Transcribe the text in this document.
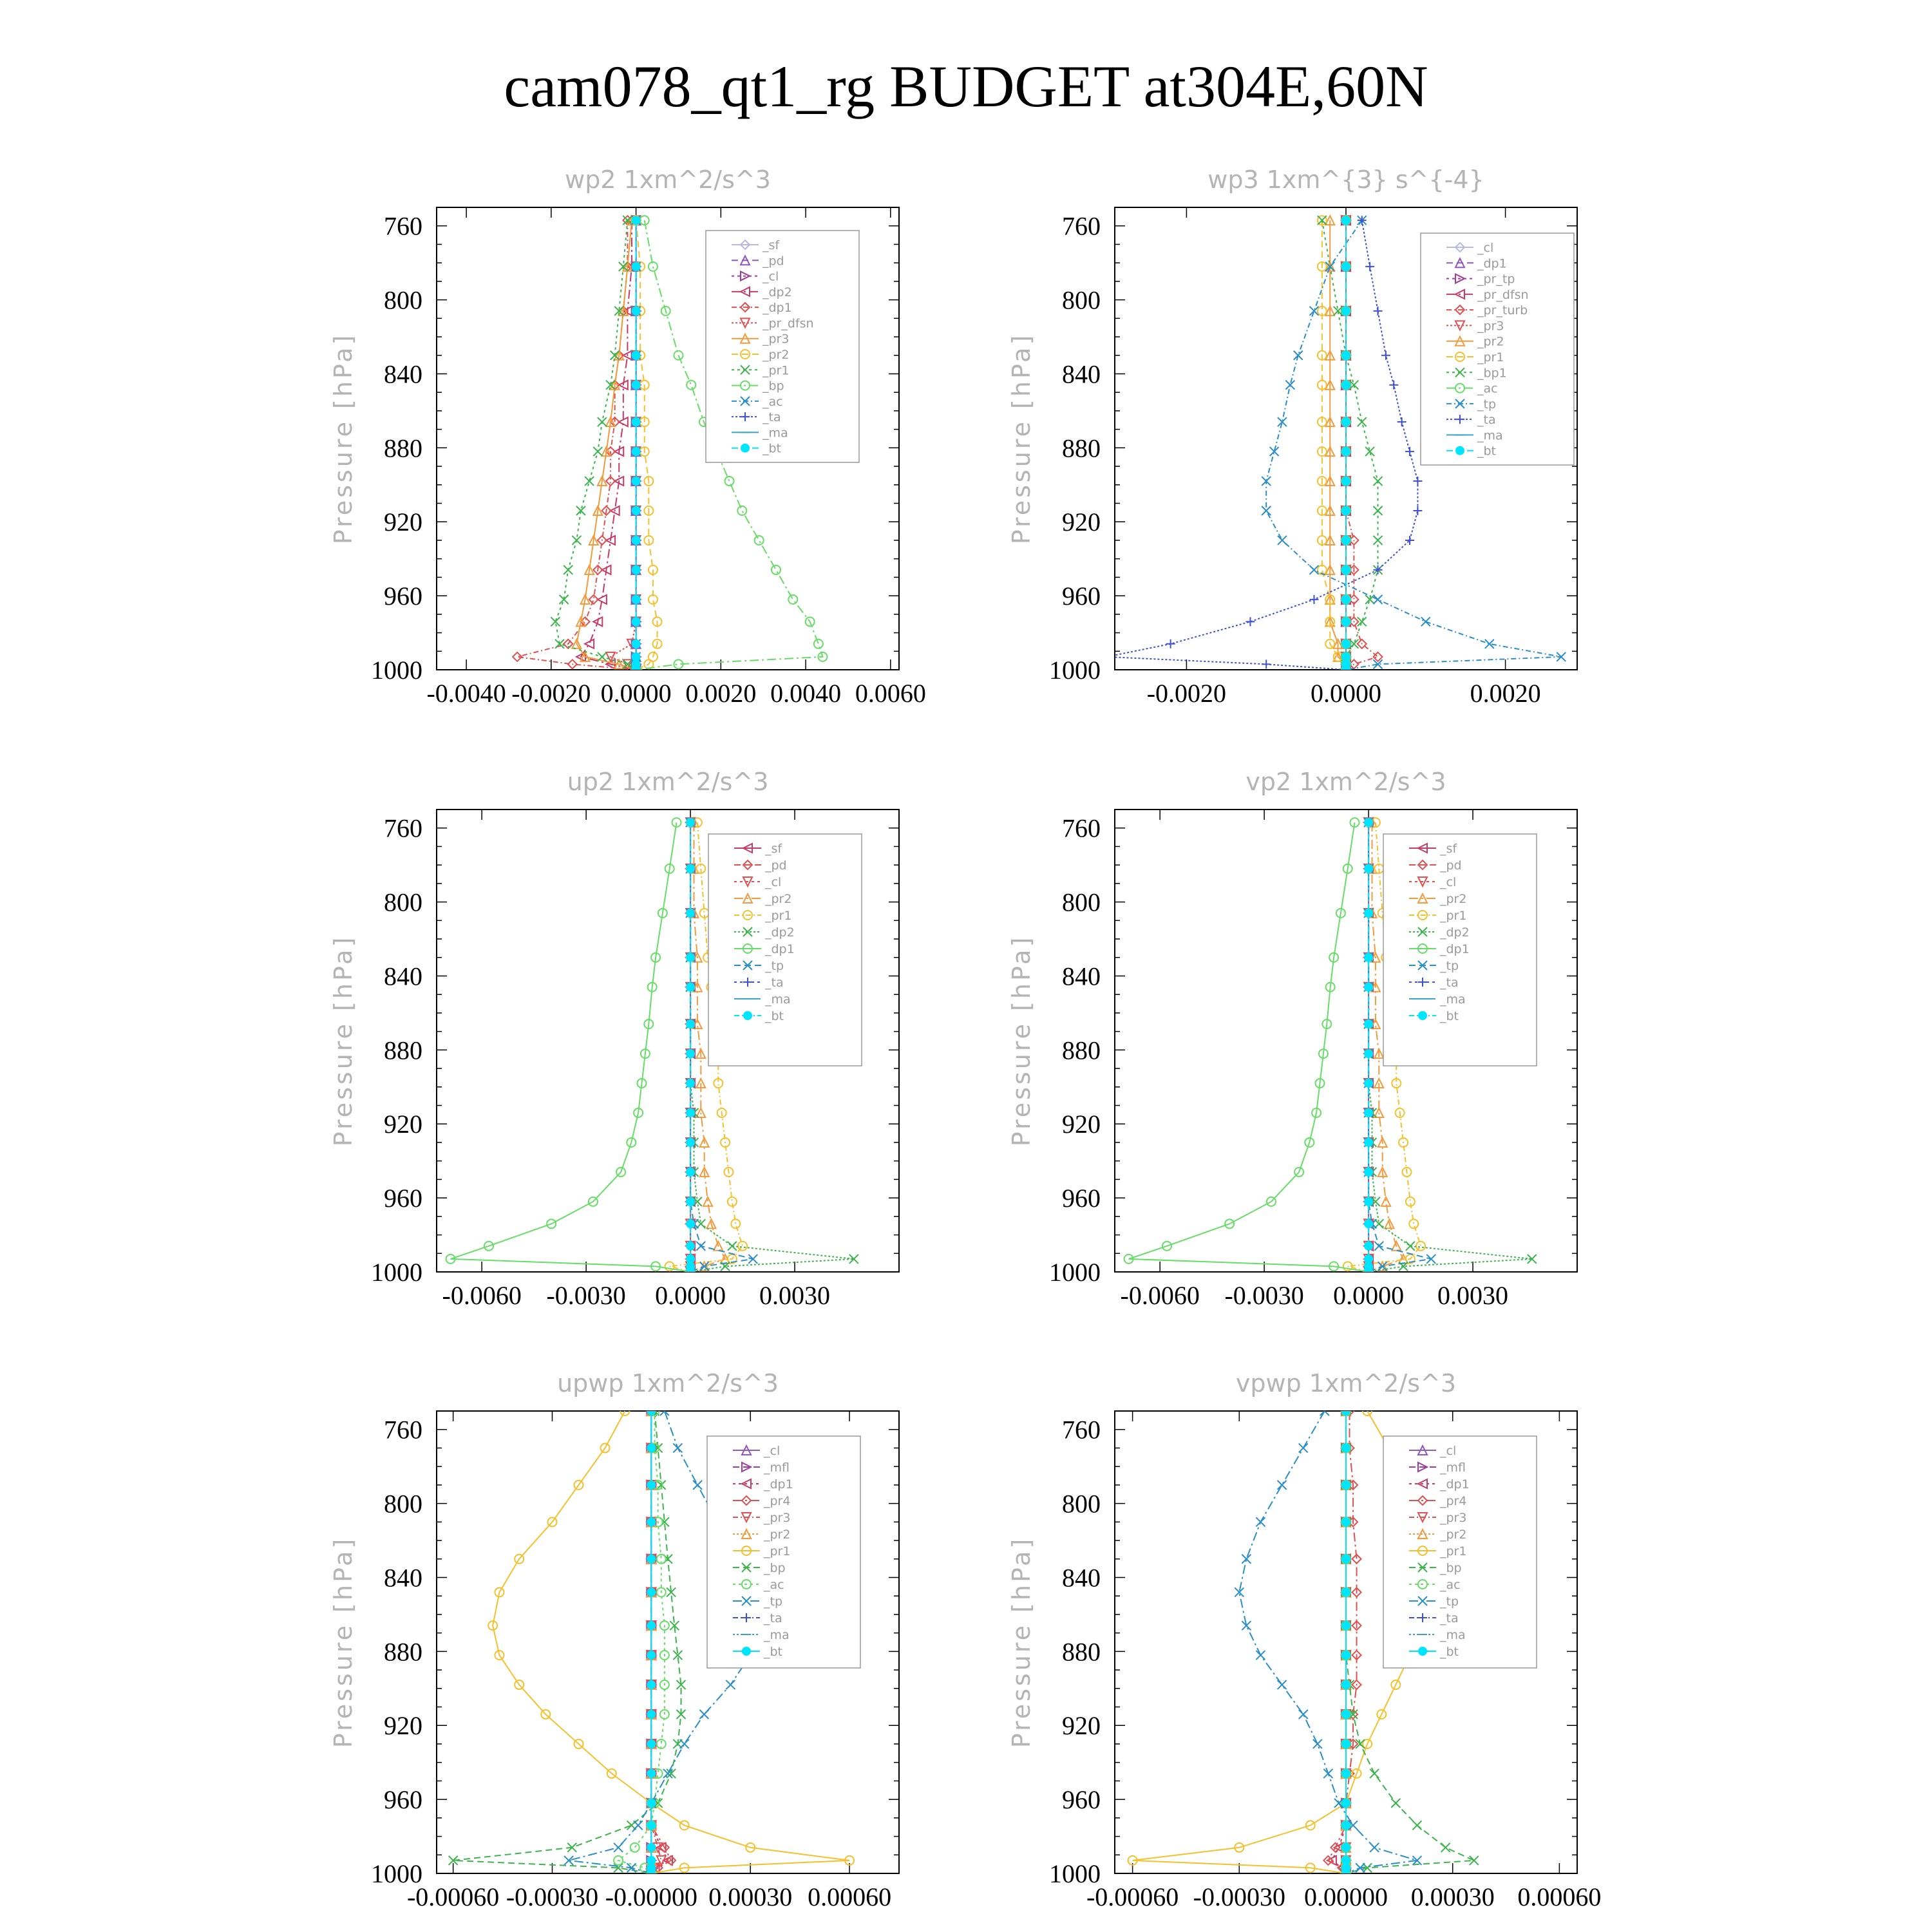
cam078_qt1_rg BUDGET at304E,60N
wp2 1xm^2/s^3
Pressure [hPa]
760
800
840
880
920
960
1000
-0.0040 -0.0020 0.0000 0.0020 0.0040 0.0060
_sf
_pd
_cl
_dp2
_dp1
_pr_dfsn
_pr3
_pr2
_pr1
_bp
_ac
_ta
_ma
_bt
wp3 1xm^{3} s^{-4}
Pressure [hPa]
760
800
840
880
920
960
1000
-0.0020	0.0000	0.0020
_cl
_dp1
_pr_tp
_pr_dfsn
_pr_turb
_pr3
_pr2
_pr1
_bp1
_ac
_tp
_ta
_ma
_bt
up2 1xm^2/s^3
Pressure [hPa]
760
800
840
880
920
960
1000
-0.0060 -0.0030 0.0000 0.0030
_sf
_pd
_cl
_pr2
_pr1
_dp2
_dp1
_tp
_ta
_ma
_bt
vp2 1xm^2/s^3
Pressure [hPa]
760
800
840
880
920
960
1000
-0.0060 -0.0030 0.0000 0.0030
_sf
_pd
_cl
_pr2
_pr1
_dp2
_dp1
_tp
_ta
_ma
_bt
upwp 1xm^2/s^3
Pressure [hPa]
760
800
840
880
920
960
1000
-0.00060 -0.00030 -0.00000 0.00030 0.00060
_cl
_mfl
_dp1
_pr4
_pr3
_pr2
_pr1
_bp
_ac
_tp
_ta
_ma
_bt
vpwp 1xm^2/s^3
Pressure [hPa]
760
800
840
880
920
960
1000
-0.00060 -0.00030 0.00000 0.00030 0.00060
_cl
_mfl
_dp1
_pr4
_pr3
_pr2
_pr1
_bp
_ac
_tp
_ta
_ma
_bt
